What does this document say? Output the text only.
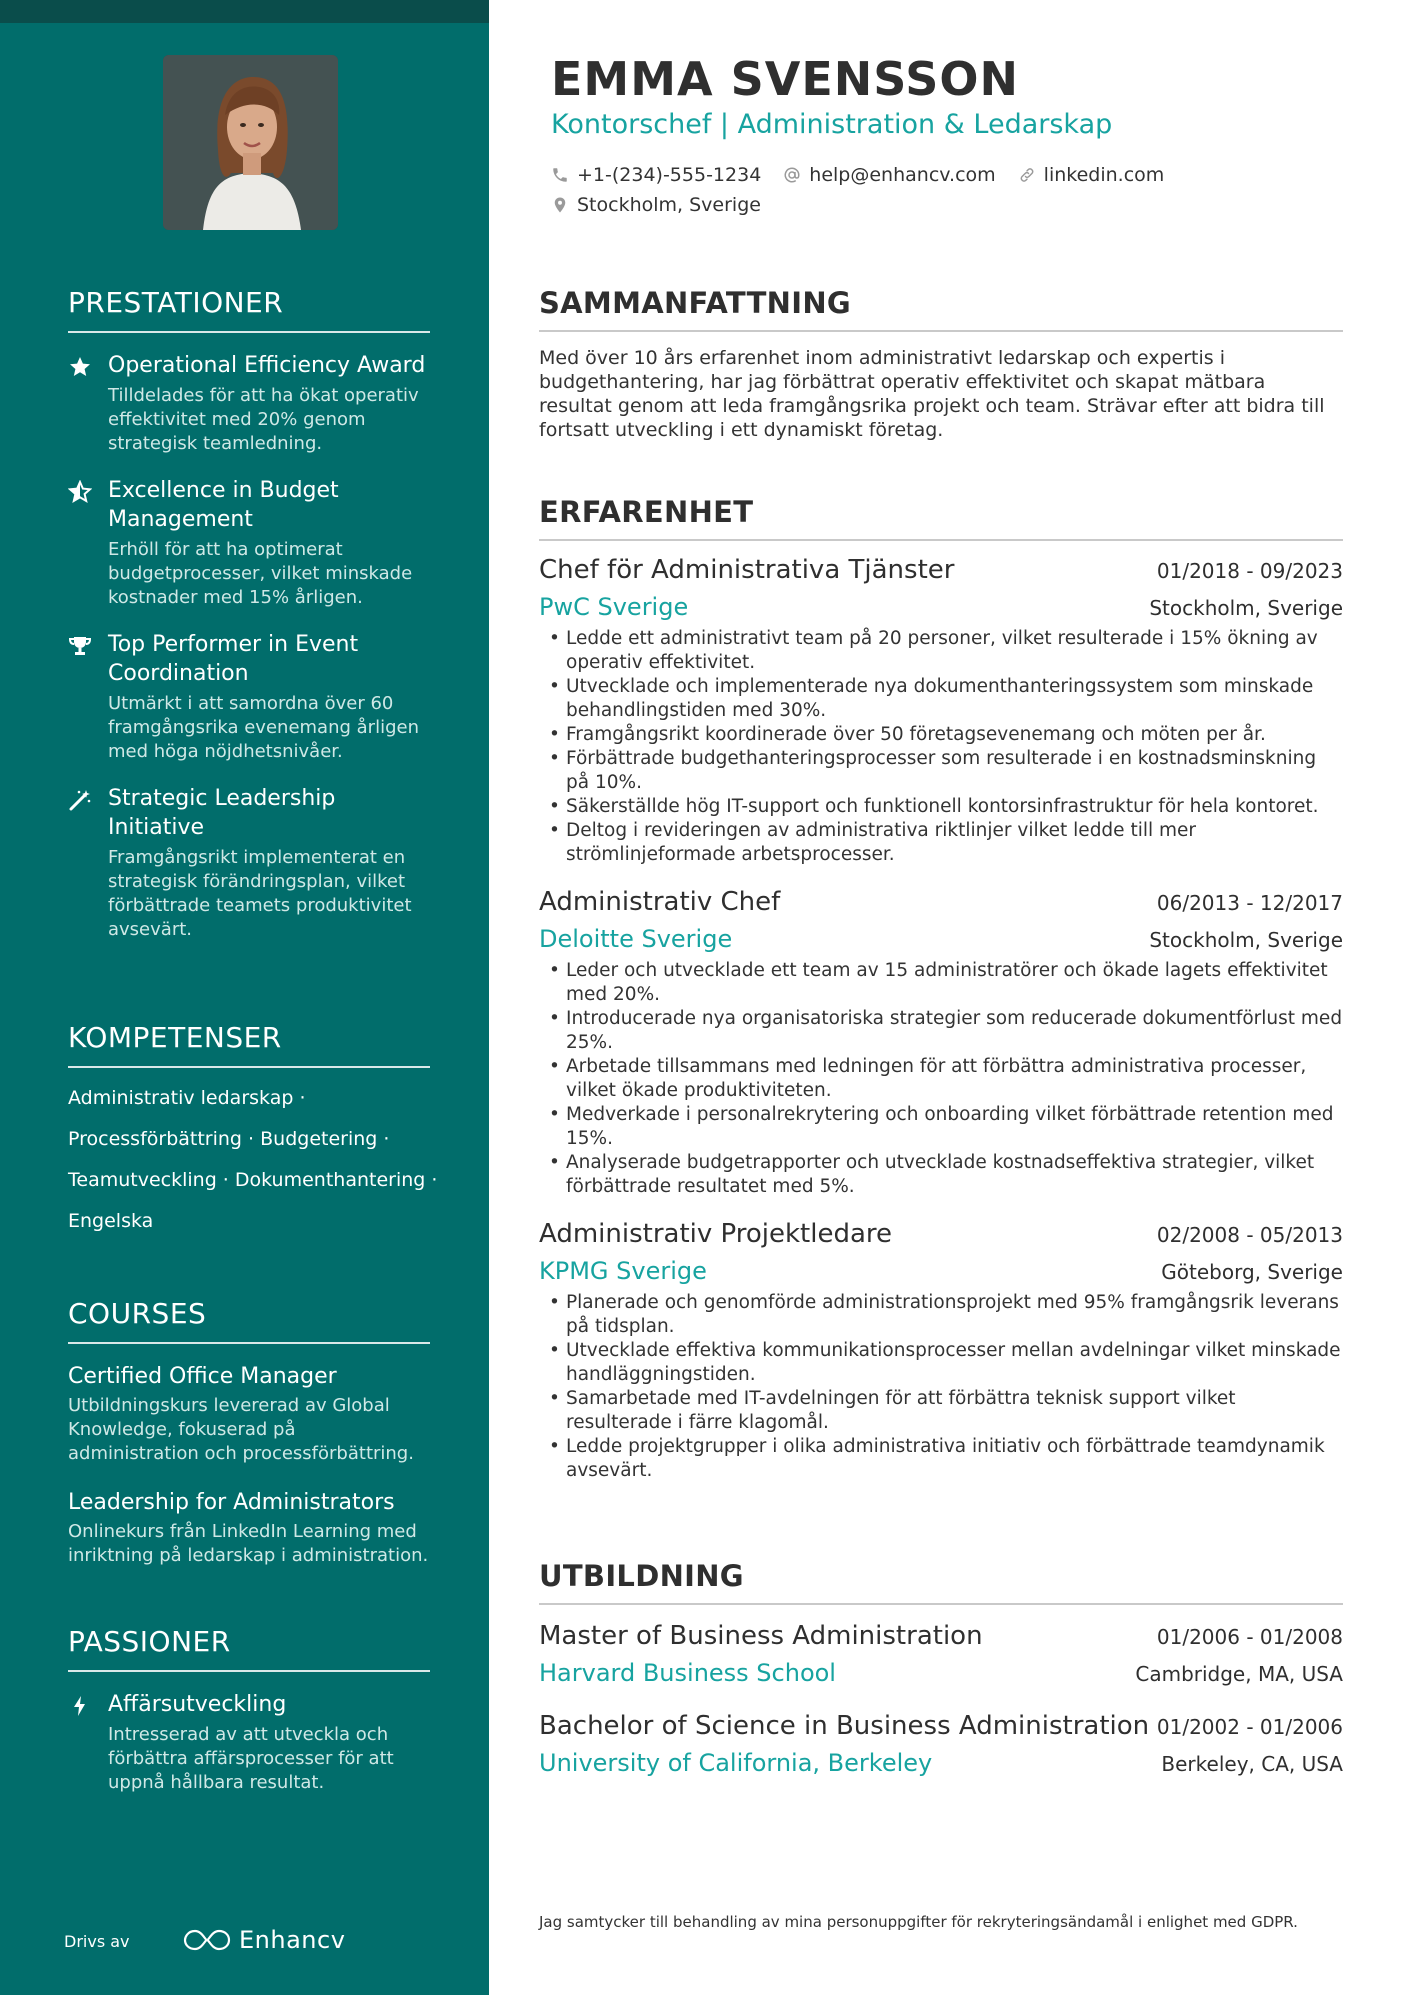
PRESTATIONER
Operational Efficiency Award
Tilldelades för att ha ökat operativ effektivitet med 20% genom strategisk teamledning.
Excellence in Budget Management
Erhöll för att ha optimerat budgetprocesser, vilket minskade kostnader med 15% årligen.
Top Performer in Event Coordination
Utmärkt i att samordna över 60 framgångsrika evenemang årligen med höga nöjdhetsnivåer.
Strategic Leadership Initiative
Framgångsrikt implementerat en strategisk förändringsplan, vilket förbättrade teamets produktivitet avsevärt.
KOMPETENSER
Administrativ ledarskap ·
Processförbättring · Budgetering ·
Teamutveckling · Dokumenthantering ·
Engelska
COURSES
Certified Office Manager
Utbildningskurs levererad av Global Knowledge, fokuserad på administration och processförbättring.
Leadership for Administrators
Onlinekurs från LinkedIn Learning med inriktning på ledarskap i administration.
PASSIONER
Affärsutveckling
Intresserad av att utveckla och förbättra affärsprocesser för att uppnå hållbara resultat.
Drivs av	Enhancv
EMMA SVENSSON
Kontorschef | Administration & Ledarskap
+1-(234)-555-1234	help@enhancv.com	linkedin.com
Stockholm, Sverige
SAMMANFATTNING

Med över 10 års erfarenhet inom administrativt ledarskap och expertis i budgethantering, har jag förbättrat operativ effektivitet och skapat mätbara resultat genom att leda framgångsrika projekt och team. Strävar efter att bidra till fortsatt utveckling i ett dynamiskt företag.

ERFARENHET
Chef för Administrativa Tjänster	01/2018 - 09/2023
PwC Sverige	Stockholm, Sverige
• Ledde ett administrativt team på 20 personer, vilket resulterade i 15% ökning av operativ effektivitet.
• Utvecklade och implementerade nya dokumenthanteringssystem som minskade behandlingstiden med 30%.
• Framgångsrikt koordinerade över 50 företagsevenemang och möten per år.
• Förbättrade budgethanteringsprocesser som resulterade i en kostnadsminskning på 10%.
• Säkerställde hög IT-support och funktionell kontorsinfrastruktur för hela kontoret.
• Deltog i revideringen av administrativa riktlinjer vilket ledde till mer strömlinjeformade arbetsprocesser.
Administrativ Chef	06/2013 - 12/2017
Deloitte Sverige	Stockholm, Sverige
• Leder och utvecklade ett team av 15 administratörer och ökade lagets effektivitet med 20%.
• Introducerade nya organisatoriska strategier som reducerade dokumentförlust med 25%.
• Arbetade tillsammans med ledningen för att förbättra administrativa processer, vilket ökade produktiviteten.
• Medverkade i personalrekrytering och onboarding vilket förbättrade retention med 15%.
• Analyserade budgetrapporter och utvecklade kostnadseffektiva strategier, vilket förbättrade resultatet med 5%.
Administrativ Projektledare	02/2008 - 05/2013
KPMG Sverige	Göteborg, Sverige
• Planerade och genomförde administrationsprojekt med 95% framgångsrik leverans på tidsplan.
• Utvecklade effektiva kommunikationsprocesser mellan avdelningar vilket minskade handläggningstiden.
• Samarbetade med IT-avdelningen för att förbättra teknisk support vilket resulterade i färre klagomål.
• Ledde projektgrupper i olika administrativa initiativ och förbättrade teamdynamik avsevärt.
UTBILDNING
Master of Business Administration	01/2006 - 01/2008
Harvard Business School	Cambridge, MA, USA
Bachelor of Science in Business Administration 01/2002 - 01/2006
University of California, Berkeley	Berkeley, CA, USA

Jag samtycker till behandling av mina personuppgifter för rekryteringsändamål i enlighet med GDPR.
